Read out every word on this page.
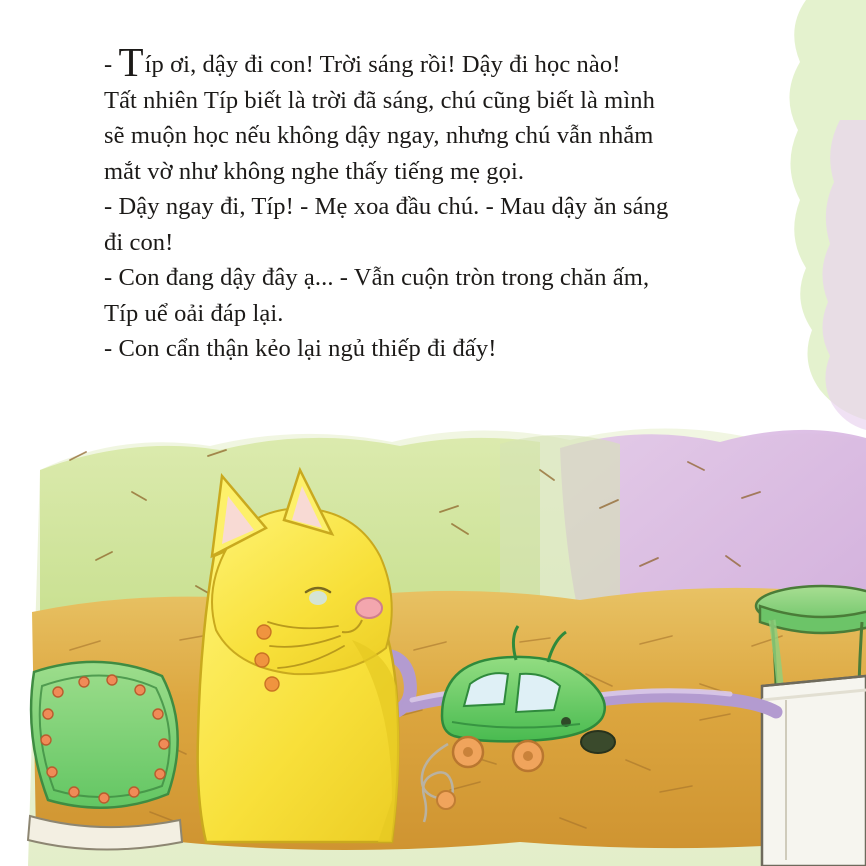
- Típ ơi, dậy đi con! Trời sáng rồi! Dậy đi học nào!

Tất nhiên Típ biết là trời đã sáng, chú cũng biết là mình

sẽ muộn học nếu không dậy ngay, nhưng chú vẫn nhắm

mắt vờ như không nghe thấy tiếng mẹ gọi.

- Dậy ngay đi, Típ! - Mẹ xoa đầu chú. - Mau dậy ăn sáng

đi con!

- Con đang dậy đây ạ... - Vẫn cuộn tròn trong chăn ấm,

Típ uể oải đáp lại.

- Con cẩn thận kẻo lại ngủ thiếp đi đấy!
